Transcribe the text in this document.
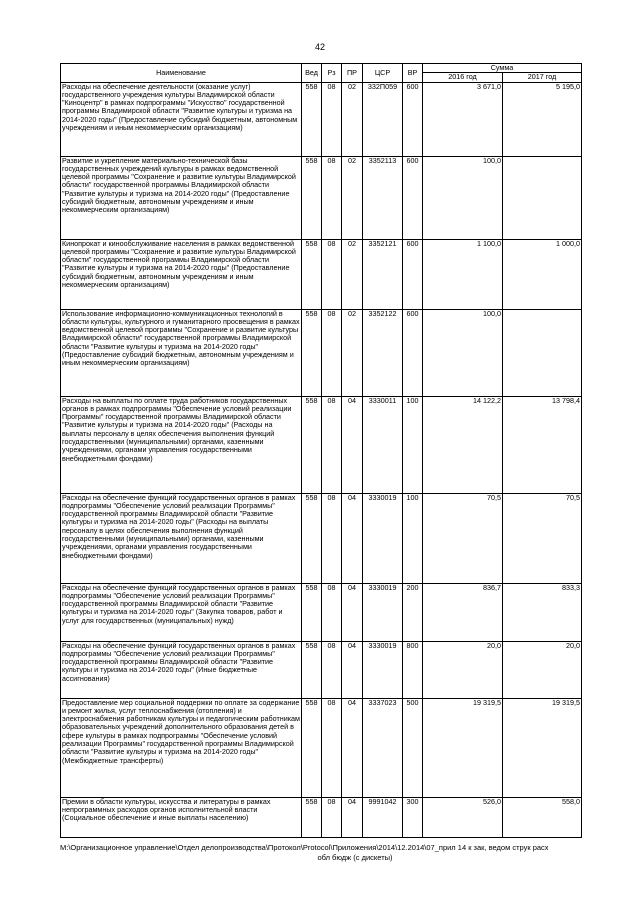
42
Наименование	Вед	Рз	ПР	ЦСР	ВР	Сумма	
						2016 год	2017 год
Расходы на обеспечение деятельности (оказание услуг) государственного учреждения культуры Владимирской области "Киноцентр" в рамках подпрограммы "Искусство" государственной программы Владимирской области "Развитие культуры и туризма на 2014-2020 годы" (Предоставление субсидий бюджетным, автономным учреждениям и иным некоммерческим организациям)	558	08	02	332П059	600	3 671,0	5 195,0
Развитие и укрепление материально-технической базы государственных учреждений культуры в рамках ведомственной целевой программы "Сохранение и развитие культуры Владимирской области" государственной программы Владимирской области "Развитие культуры и туризма на 2014-2020 годы" (Предоставление субсидий бюджетным, автономным учреждениям и иным некоммерческим организациям)	558	08	02	3352113	600	100,0	
Кинопрокат и кинообслуживание населения в рамках ведомственной целевой программы "Сохранение и развитие культуры Владимирской области" государственной программы Владимирской области "Развитие культуры и туризма на 2014-2020 годы" (Предоставление субсидий бюджетным, автономным учреждениям и иным некоммерческим организациям)	558	08	02	3352121	600	1 100,0	1 000,0
Использование информационно-коммуникационных технологий в области культуры, культурного и гуманитарного просвещения в рамках ведомственной целевой программы "Сохранение и развитие культуры Владимирской области" государственной программы Владимирской области "Развитие культуры и туризма на 2014-2020 годы" (Предоставление субсидий бюджетным, автономным учреждениям и иным некоммерческим организациям)	558	08	02	3352122	600	100,0	
Расходы на выплаты по оплате труда работников государственных органов в рамках подпрограммы "Обеспечение условий реализации Программы" государственной программы Владимирской области "Развитие культуры и туризма на 2014-2020 годы" (Расходы на выплаты персоналу в целях обеспечения выполнения функций государственными (муниципальными) органами, казенными учреждениями, органами управления государственными внебюджетными фондами)	558	08	04	3330011	100	14 122,2	13 798,4
Расходы на обеспечение функций государственных органов в рамках подпрограммы "Обеспечение условий реализации Программы" государственной программы Владимирской области "Развитие культуры и туризма на 2014-2020 годы" (Расходы на выплаты персоналу в целях обеспечения выполнения функций государственными (муниципальными) органами, казенными учреждениями, органами управления государственными внебюджетными фондами)	558	08	04	3330019	100	70,5	70,5
Расходы на обеспечение функций государственных органов в рамках подпрограммы "Обеспечение условий реализации Программы" государственной программы Владимирской области "Развитие культуры и туризма на 2014-2020 годы" (Закупка товаров, работ и услуг для государственных (муниципальных) нужд)	558	08	04	3330019	200	836,7	833,3
Расходы на обеспечение функций государственных органов в рамках подпрограммы "Обеспечение условий реализации Программы" государственной программы Владимирской области "Развитие культуры и туризма на 2014-2020 годы" (Иные бюджетные ассигнования)	558	08	04	3330019	800	20,0	20,0
Предоставление мер социальной поддержки по оплате за содержание и ремонт жилья, услуг теплоснабжения (отопления) и электроснабжения работникам культуры и педагогическим работникам образовательных учреждений дополнительного образования детей в сфере культуры в рамках подпрограммы "Обеспечение условий реализации Программы" государственной программы Владимирской области "Развитие культуры и туризма на 2014-2020 годы" (Межбюджетные трансферты)	558	08	04	3337023	500	19 319,5	19 319,5
Премии в области культуры, искусства и литературы в рамках непрограммных расходов органов исполнительной власти (Социальное обеспечение и иные выплаты населению)	558	08	04	9991042	300	526,0	558,0
M:\Организационное управление\Отдел делопроизводства\Протокол\Protocol\Приложения\2014\12.2014\07_прил 14 к зак, ведом струк расх
обл бюдж (с дискеты)
